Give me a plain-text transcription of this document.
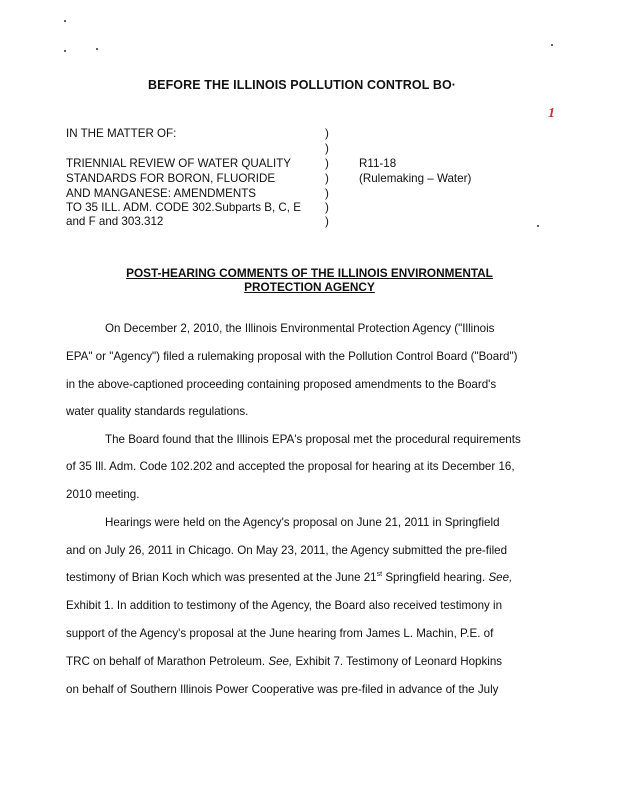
BEFORE THE ILLINOIS POLLUTION CONTROL BO·
1
IN THE MATTER OF:
TRIENNIAL REVIEW OF WATER QUALITY
STANDARDS FOR BORON, FLUORIDE
AND MANGANESE: AMENDMENTS
TO 35 ILL. ADM. CODE 302.Subparts B, C, E
and F and 303.312
)
)
)
)
)
)
)
R11-18
(Rulemaking – Water)
POST-HEARING COMMENTS OF THE ILLINOIS ENVIRONMENTAL
PROTECTION AGENCY
On December 2, 2010, the Illinois Environmental Protection Agency ("Illinois
EPA" or "Agency") filed a rulemaking proposal with the Pollution Control Board ("Board")
in the above-captioned proceeding containing proposed amendments to the Board's
water quality standards regulations.
The Board found that the Illinois EPA's proposal met the procedural requirements
of 35 Ill. Adm. Code 102.202 and accepted the proposal for hearing at its December 16,
2010 meeting.
Hearings were held on the Agency's proposal on June 21, 2011 in Springfield
and on July 26, 2011 in Chicago. On May 23, 2011, the Agency submitted the pre-filed
testimony of Brian Koch which was presented at the June 21st Springfield hearing. See,
Exhibit 1. In addition to testimony of the Agency, the Board also received testimony in
support of the Agency's proposal at the June hearing from James L. Machin, P.E. of
TRC on behalf of Marathon Petroleum. See, Exhibit 7. Testimony of Leonard Hopkins
on behalf of Southern Illinois Power Cooperative was pre-filed in advance of the July
